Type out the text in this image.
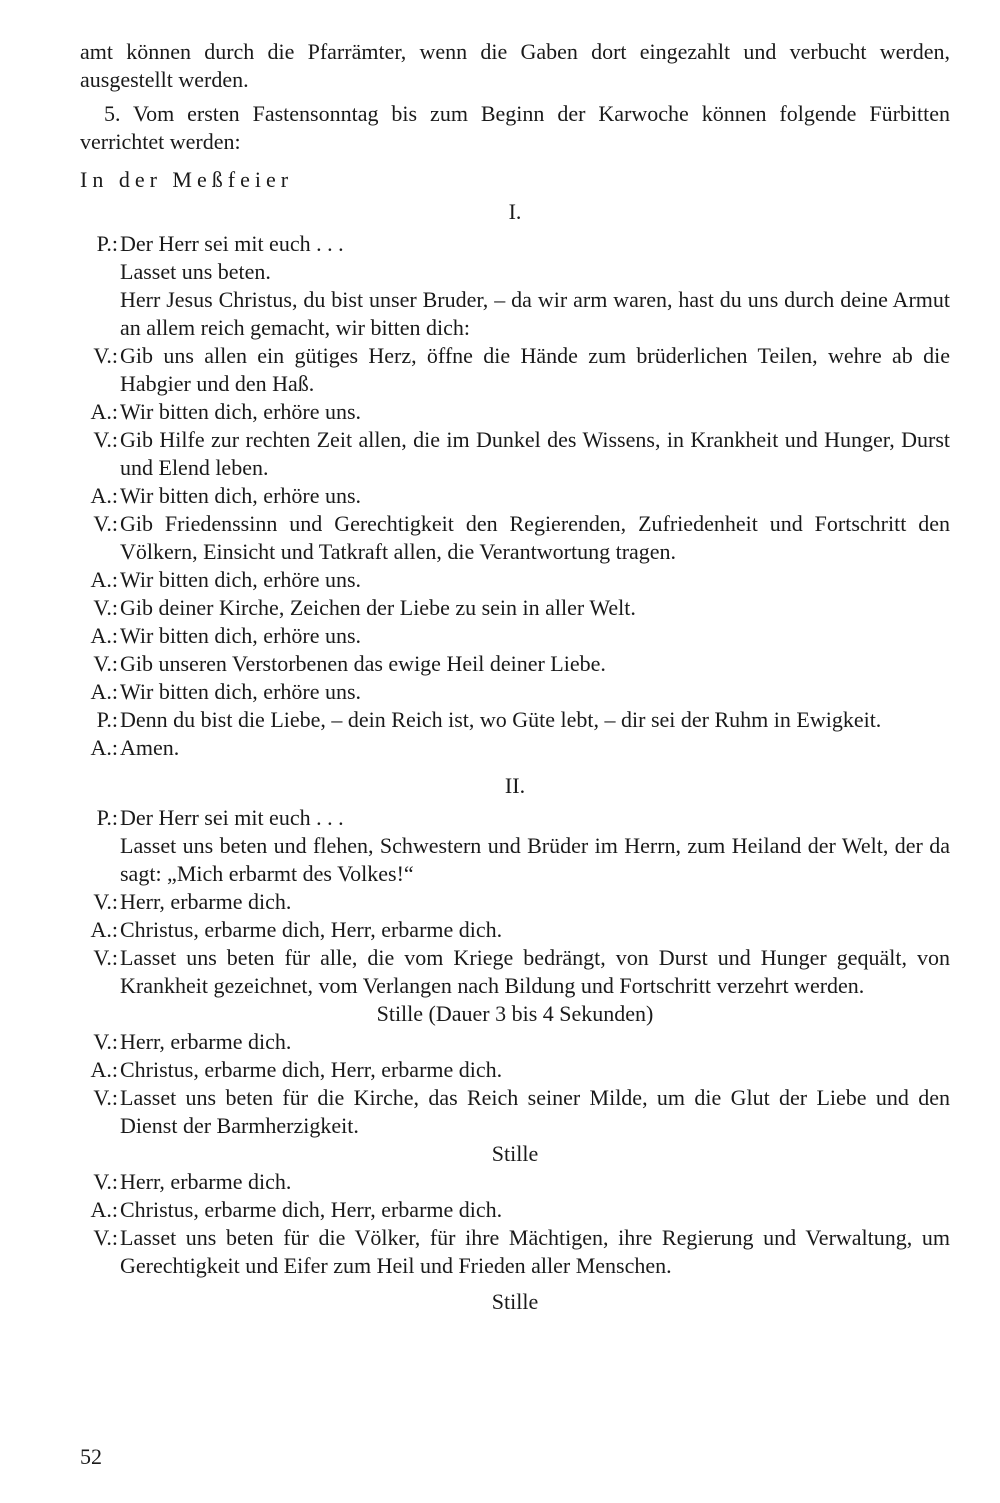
amt können durch die Pfarrämter, wenn die Gaben dort eingezahlt und verbucht werden, ausgestellt werden.

5. Vom ersten Fastensonntag bis zum Beginn der Karwoche können folgende Fürbitten verrichtet werden:

In der Meßfeier
I.
P.: Der Herr sei mit euch . . .
Lasset uns beten.
Herr Jesus Christus, du bist unser Bruder, – da wir arm waren, hast du uns durch deine Armut an allem reich gemacht, wir bitten dich:
V.: Gib uns allen ein gütiges Herz, öffne die Hände zum brüderlichen Teilen, wehre ab die Habgier und den Haß.
A.: Wir bitten dich, erhöre uns.
V.: Gib Hilfe zur rechten Zeit allen, die im Dunkel des Wissens, in Krankheit und Hunger, Durst und Elend leben.
A.: Wir bitten dich, erhöre uns.
V.: Gib Friedenssinn und Gerechtigkeit den Regierenden, Zufriedenheit und Fortschritt den Völkern, Einsicht und Tatkraft allen, die Verantwortung tragen.
A.: Wir bitten dich, erhöre uns.
V.: Gib deiner Kirche, Zeichen der Liebe zu sein in aller Welt.
A.: Wir bitten dich, erhöre uns.
V.: Gib unseren Verstorbenen das ewige Heil deiner Liebe.
A.: Wir bitten dich, erhöre uns.
P.: Denn du bist die Liebe, – dein Reich ist, wo Güte lebt, – dir sei der Ruhm in Ewigkeit.
A.: Amen.
II.
P.: Der Herr sei mit euch . . .
Lasset uns beten und flehen, Schwestern und Brüder im Herrn, zum Heiland der Welt, der da sagt: „Mich erbarmt des Volkes!“
V.: Herr, erbarme dich.
A.: Christus, erbarme dich, Herr, erbarme dich.
V.: Lasset uns beten für alle, die vom Kriege bedrängt, von Durst und Hunger gequält, von Krankheit gezeichnet, vom Verlangen nach Bildung und Fortschritt verzehrt werden.
Stille (Dauer 3 bis 4 Sekunden)
V.: Herr, erbarme dich.
A.: Christus, erbarme dich, Herr, erbarme dich.
V.: Lasset uns beten für die Kirche, das Reich seiner Milde, um die Glut der Liebe und den Dienst der Barmherzigkeit.
Stille
V.: Herr, erbarme dich.
A.: Christus, erbarme dich, Herr, erbarme dich.
V.: Lasset uns beten für die Völker, für ihre Mächtigen, ihre Regierung und Verwaltung, um Gerechtigkeit und Eifer zum Heil und Frieden aller Menschen.
Stille
52
